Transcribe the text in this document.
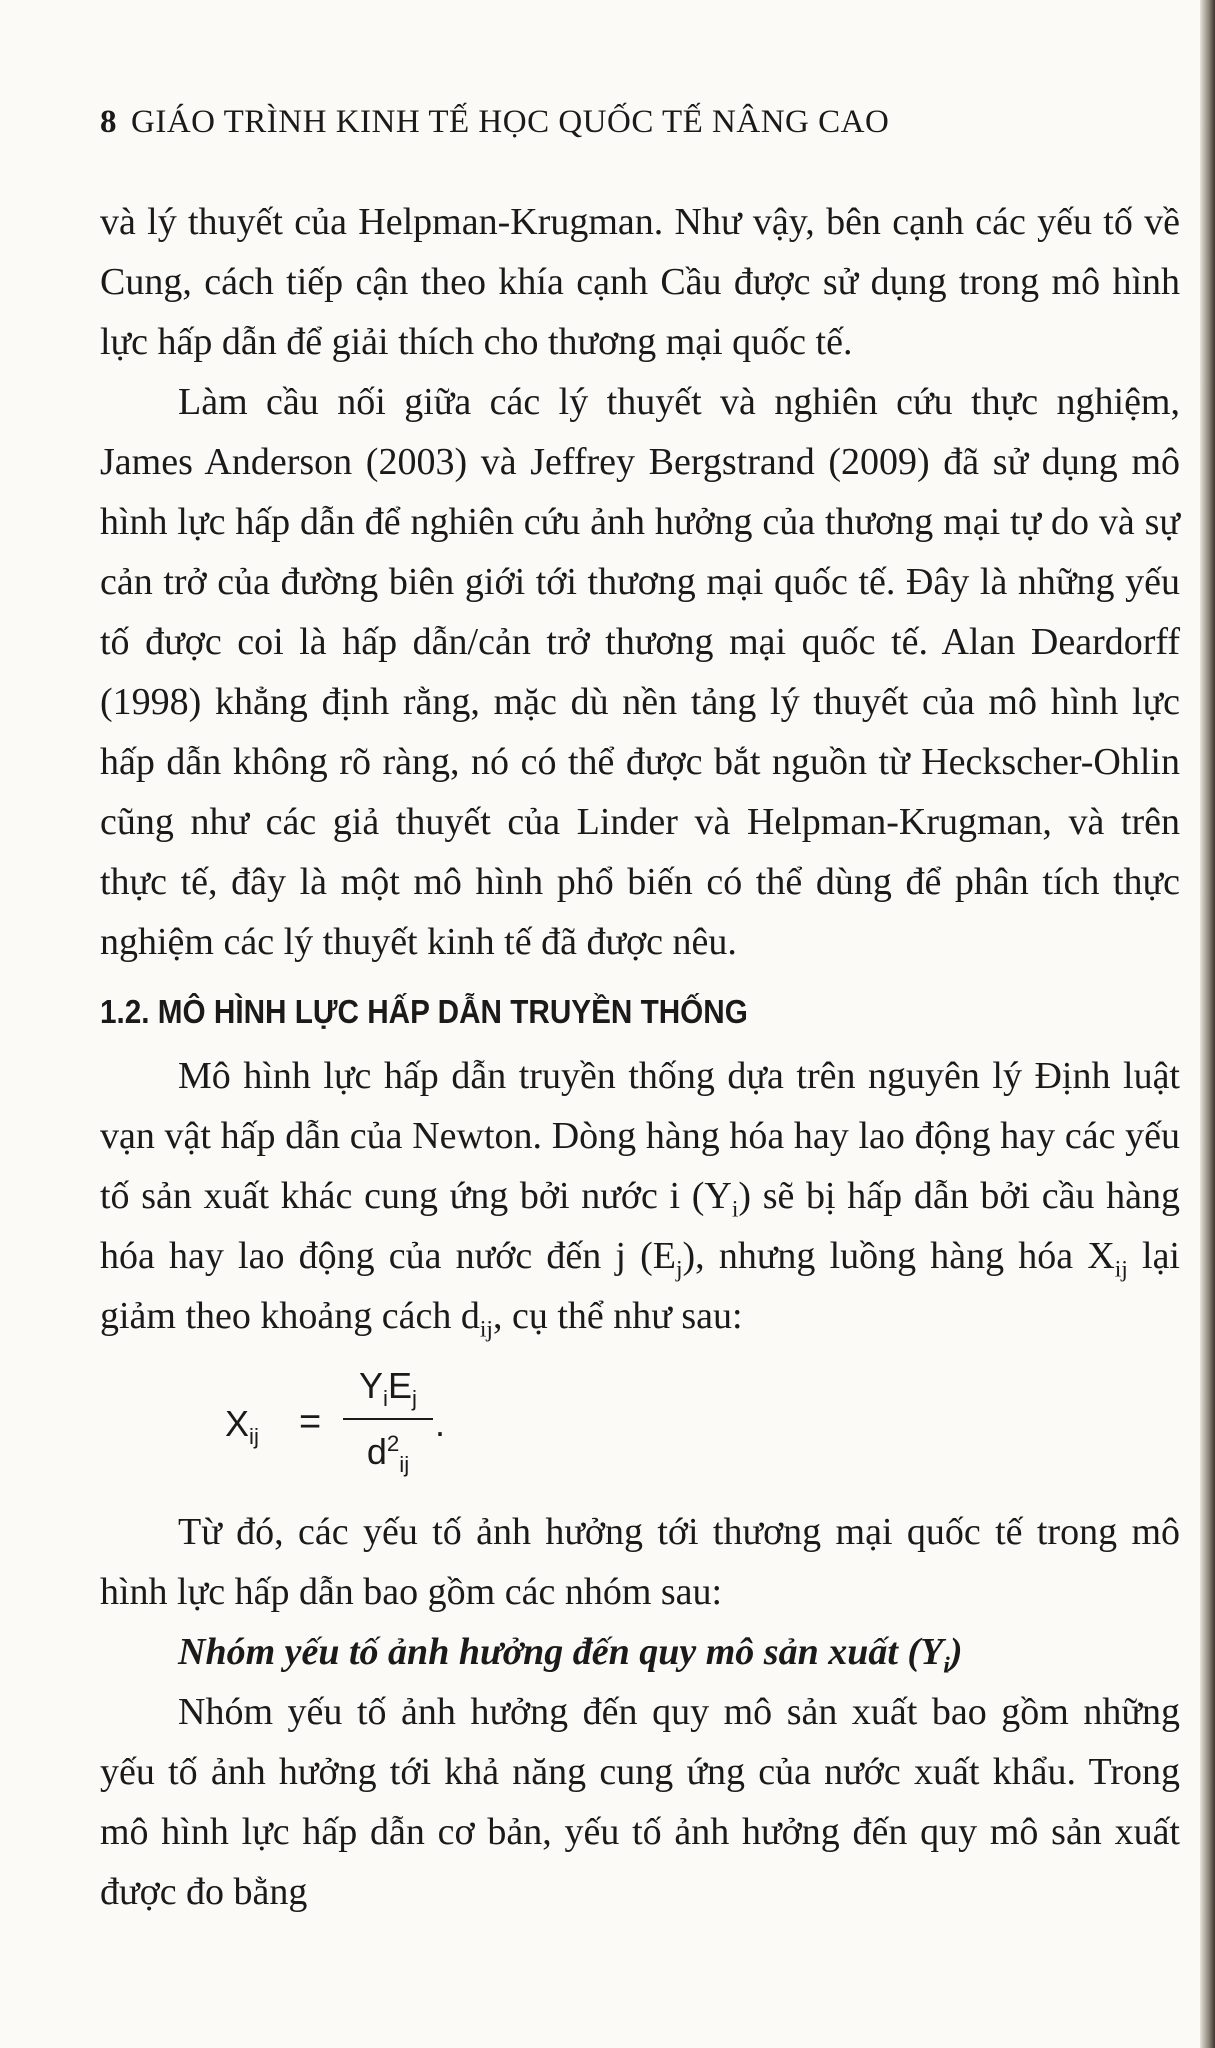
8 GIÁO TRÌNH KINH TẾ HỌC QUỐC TẾ NÂNG CAO

và lý thuyết của Helpman-Krugman. Như vậy, bên cạnh các yếu tố về Cung, cách tiếp cận theo khía cạnh Cầu được sử dụng trong mô hình lực hấp dẫn để giải thích cho thương mại quốc tế.

Làm cầu nối giữa các lý thuyết và nghiên cứu thực nghiệm, James Anderson (2003) và Jeffrey Bergstrand (2009) đã sử dụng mô hình lực hấp dẫn để nghiên cứu ảnh hưởng của thương mại tự do và sự cản trở của đường biên giới tới thương mại quốc tế. Đây là những yếu tố được coi là hấp dẫn/cản trở thương mại quốc tế. Alan Deardorff (1998) khẳng định rằng, mặc dù nền tảng lý thuyết của mô hình lực hấp dẫn không rõ ràng, nó có thể được bắt nguồn từ Heckscher-Ohlin cũng như các giả thuyết của Linder và Helpman-Krugman, và trên thực tế, đây là một mô hình phổ biến có thể dùng để phân tích thực nghiệm các lý thuyết kinh tế đã được nêu.

1.2. MÔ HÌNH LỰC HẤP DẪN TRUYỀN THỐNG

Mô hình lực hấp dẫn truyền thống dựa trên nguyên lý Định luật vạn vật hấp dẫn của Newton. Dòng hàng hóa hay lao động hay các yếu tố sản xuất khác cung ứng bởi nước i $(Y_i)$ sẽ bị hấp dẫn bởi cầu hàng hóa hay lao động của nước đến j $(E_j)$, nhưng luồng hàng hóa $X_{ij}$ lại giảm theo khoảng cách $d_{ij}$, cụ thể như sau:

$X_{ij}$ =
$Y_iE_j$
$d^2_{ij}$
.

Từ đó, các yếu tố ảnh hưởng tới thương mại quốc tế trong mô hình lực hấp dẫn bao gồm các nhóm sau:

Nhóm yếu tố ảnh hưởng đến quy mô sản xuất $(Y_i)$

Nhóm yếu tố ảnh hưởng đến quy mô sản xuất bao gồm những yếu tố ảnh hưởng tới khả năng cung ứng của nước xuất khẩu. Trong mô hình lực hấp dẫn cơ bản, yếu tố ảnh hưởng đến quy mô sản xuất được đo bằng
